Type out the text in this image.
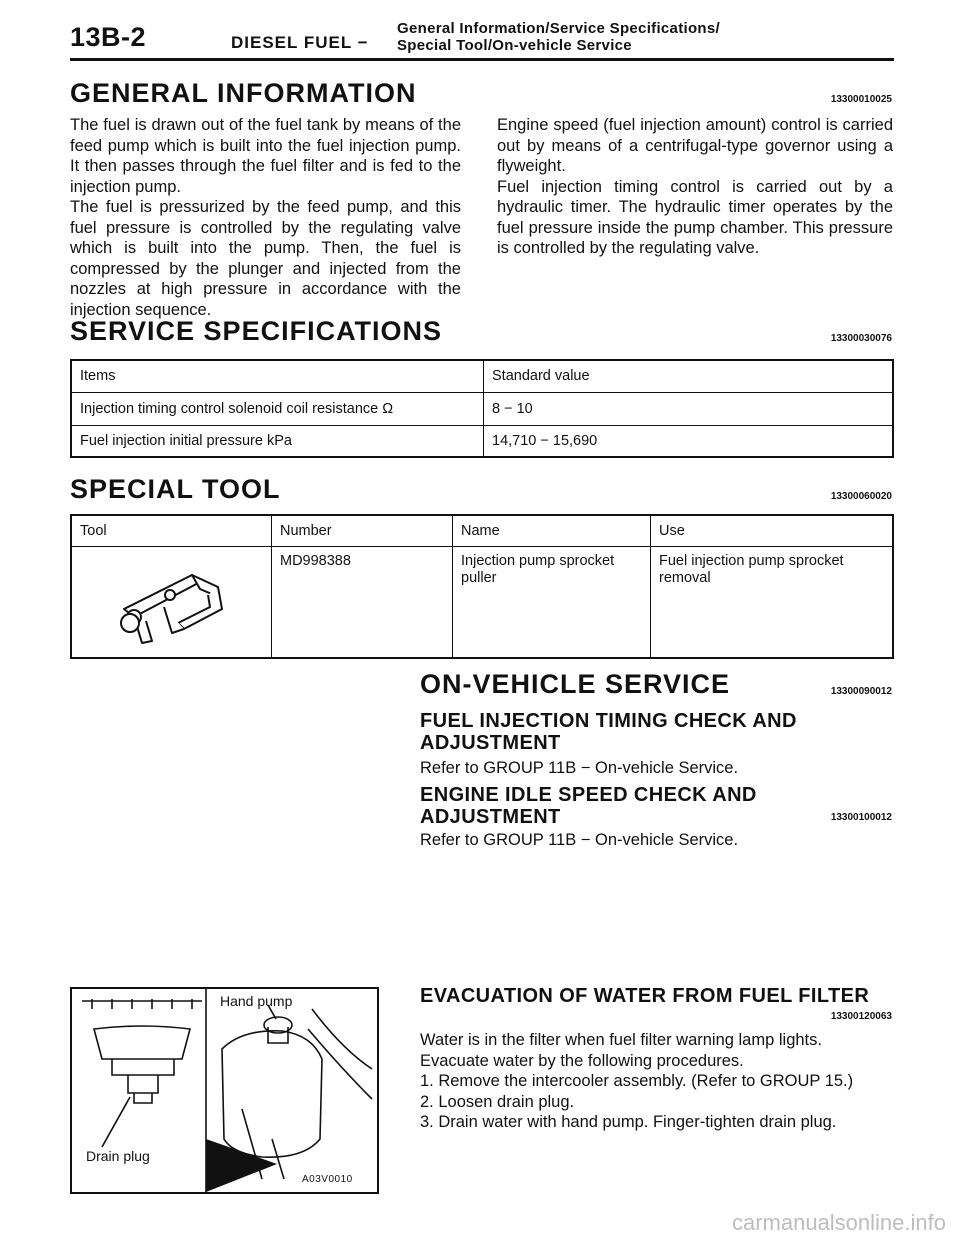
13B-2	DIESEL FUEL −
General Information/Service Specifications/
Special Tool/On-vehicle Service
GENERAL INFORMATION	13300010025

The fuel is drawn out of the fuel tank by means of the feed pump which is built into the fuel injection pump. It then passes through the fuel filter and is fed to the injection pump.

The fuel is pressurized by the feed pump, and this fuel pressure is controlled by the regulating valve which is built into the pump. Then, the fuel is compressed by the plunger and injected from the nozzles at high pressure in accordance with the injection sequence.

Engine speed (fuel injection amount) control is carried out by means of a centrifugal-type governor using a flyweight.

Fuel injection timing control is carried out by a hydraulic timer. The hydraulic timer operates by the fuel pressure inside the pump chamber. This pressure is controlled by the regulating valve.

SERVICE SPECIFICATIONS	13300030076
Items	Standard value
Injection timing control solenoid coil resistance Ω	8 − 10
Fuel injection initial pressure kPa	14,710 − 15,690
SPECIAL TOOL	13300060020
Tool	Number	Name	Use
	MD998388	Injection pump sprocket puller	Fuel injection pump sprocket removal
ON-VEHICLE SERVICE	13300090012
FUEL INJECTION TIMING CHECK AND ADJUSTMENT
Refer to GROUP 11B − On-vehicle Service.
ENGINE IDLE SPEED CHECK AND ADJUSTMENT	13300100012
Refer to GROUP 11B − On-vehicle Service.
Hand pump
Drain plug
A03V0010
EVACUATION OF WATER FROM FUEL FILTER
13300120063
Water is in the filter when fuel filter warning lamp lights.
Evacuate water by the following procedures.
1. Remove the intercooler assembly. (Refer to GROUP 15.)
2. Loosen drain plug.
3. Drain water with hand pump. Finger-tighten drain plug.
carmanualsonline.info
